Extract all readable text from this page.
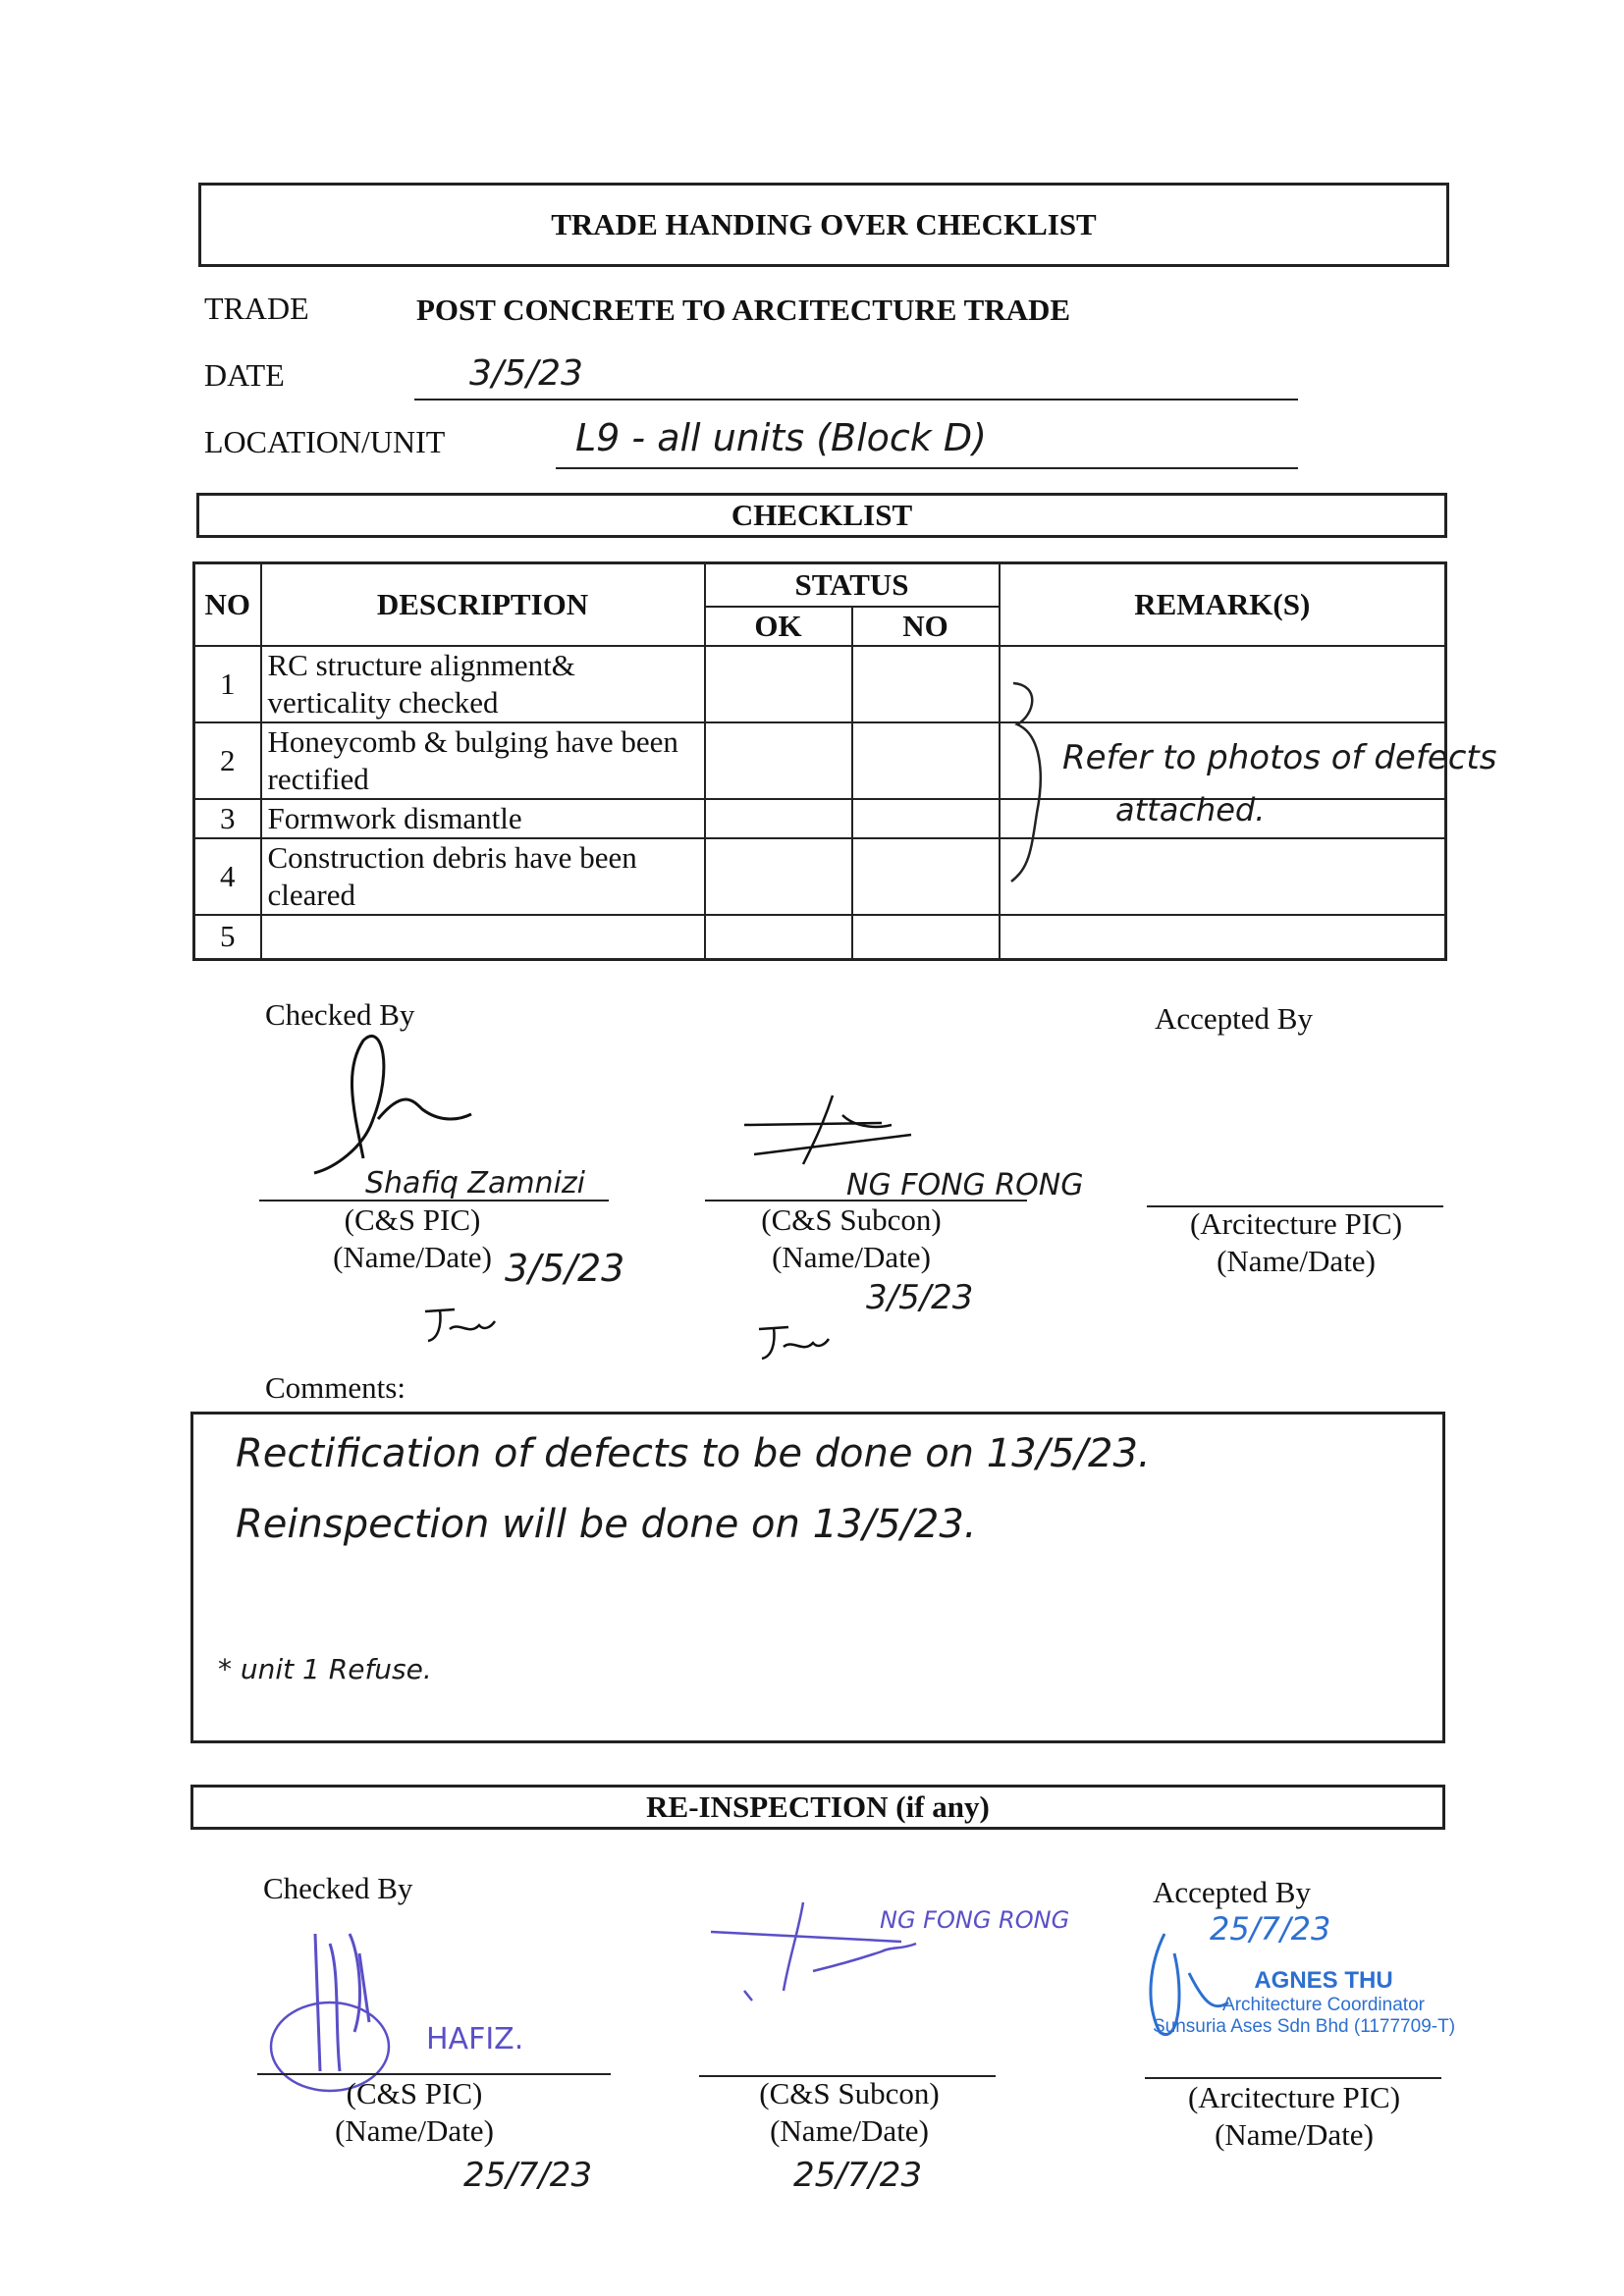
TRADE HANDING OVER CHECKLIST
TRADE	POST CONCRETE TO ARCITECTURE TRADE
DATE	3/5/23
LOCATION/UNIT	L9 - all units (Block D)
CHECKLIST
NO	DESCRIPTION	STATUS		REMARK(S)
		OK	NO	
1	RC structure alignment& verticality checked			
2	Honeycomb & bulging have been rectified			
3	Formwork dismantle			
4	Construction debris have been cleared			
5				
Refer to photos of defects
attached.
Checked By	Accepted By
Shafiq Zamnizi
(C&S PIC)
(Name/Date) 3/5/23
NG FONG RONG
(C&S Subcon)
(Name/Date)
3/5/23
(Arcitecture PIC)
(Name/Date)
Comments:
Rectification of defects to be done on 13/5/23.
Reinspection will be done on 13/5/23.
* unit 1 Refuse.
RE-INSPECTION (if any)
Checked By	Accepted By
HAFIZ.
(C&S PIC)
(Name/Date)
25/7/23
NG FONG RONG
(C&S Subcon)
(Name/Date)
25/7/23
25/7/23
AGNES THU
Architecture Coordinator
Sunsuria Ases Sdn Bhd (1177709-T)
(Arcitecture PIC)
(Name/Date)
